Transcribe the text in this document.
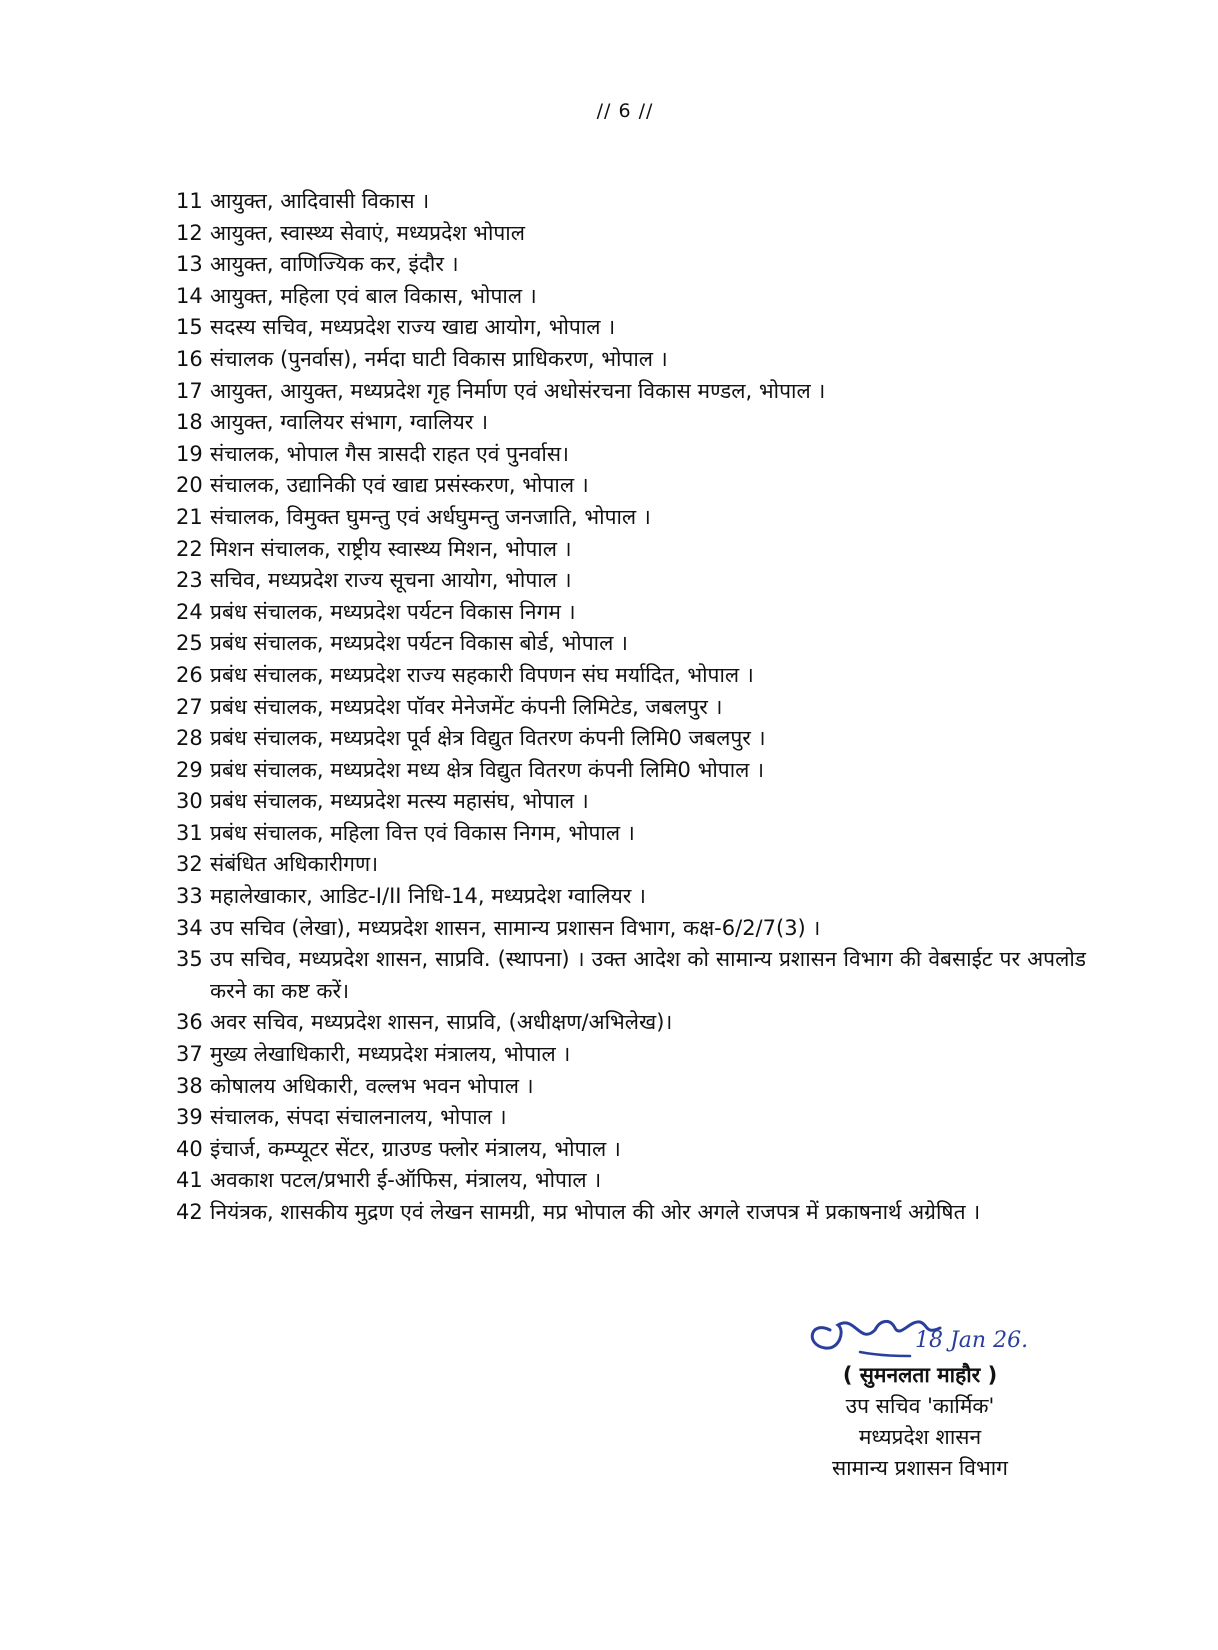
// 6 //
11 आयुक्त, आदिवासी विकास ।
12 आयुक्त, स्वास्थ्य सेवाएं, मध्यप्रदेश भोपाल
13 आयुक्त, वाणिज्यिक कर, इंदौर ।
14 आयुक्त, महिला एवं बाल विकास, भोपाल ।
15 सदस्य सचिव, मध्यप्रदेश राज्य खाद्य आयोग, भोपाल ।
16 संचालक (पुनर्वास), नर्मदा घाटी विकास प्राधिकरण, भोपाल ।
17 आयुक्त, आयुक्त, मध्यप्रदेश गृह निर्माण एवं अधोसंरचना विकास मण्डल, भोपाल ।
18 आयुक्त, ग्वालियर संभाग, ग्वालियर ।
19 संचालक, भोपाल गैस त्रासदी राहत एवं पुनर्वास।
20 संचालक, उद्यानिकी एवं खाद्य प्रसंस्करण, भोपाल ।
21 संचालक, विमुक्त घुमन्तु एवं अर्धघुमन्तु जनजाति, भोपाल ।
22 मिशन संचालक, राष्ट्रीय स्वास्थ्य मिशन, भोपाल ।
23 सचिव, मध्यप्रदेश राज्य सूचना आयोग, भोपाल ।
24 प्रबंध संचालक, मध्यप्रदेश पर्यटन विकास निगम ।
25 प्रबंध संचालक, मध्यप्रदेश पर्यटन विकास बोर्ड, भोपाल ।
26 प्रबंध संचालक, मध्यप्रदेश राज्य सहकारी विपणन संघ मर्यादित, भोपाल ।
27 प्रबंध संचालक, मध्यप्रदेश पॉवर मेनेजमेंट कंपनी लिमिटेड, जबलपुर ।
28 प्रबंध संचालक, मध्यप्रदेश पूर्व क्षेत्र विद्युत वितरण कंपनी लिमि0 जबलपुर ।
29 प्रबंध संचालक, मध्यप्रदेश मध्य क्षेत्र विद्युत वितरण कंपनी लिमि0 भोपाल ।
30 प्रबंध संचालक, मध्यप्रदेश मत्स्य महासंघ, भोपाल ।
31 प्रबंध संचालक, महिला वित्त एवं विकास निगम, भोपाल ।
32 संबंधित अधिकारीगण।
33 महालेखाकार, आडिट-I/II निधि-14, मध्यप्रदेश ग्वालियर ।
34 उप सचिव (लेखा), मध्यप्रदेश शासन, सामान्य प्रशासन विभाग, कक्ष-6/2/7(3) ।
35 उप सचिव, मध्यप्रदेश शासन, साप्रवि. (स्थापना) । उक्त आदेश को सामान्य प्रशासन विभाग की वेबसाईट पर अपलोड करने का कष्ट करें।
36 अवर सचिव, मध्यप्रदेश शासन, साप्रवि, (अधीक्षण/अभिलेख)।
37 मुख्य लेखाधिकारी, मध्यप्रदेश मंत्रालय, भोपाल ।
38 कोषालय अधिकारी, वल्लभ भवन भोपाल ।
39 संचालक, संपदा संचालनालय, भोपाल ।
40 इंचार्ज, कम्प्यूटर सेंटर, ग्राउण्ड फ्लोर मंत्रालय, भोपाल ।
41 अवकाश पटल/प्रभारी ई-ऑफिस, मंत्रालय, भोपाल ।
42 नियंत्रक, शासकीय मुद्रण एवं लेखन सामग्री, मप्र भोपाल की ओर अगले राजपत्र में प्रकाषनार्थ अग्रेषित ।
18 Jan 26.
( सुमनलता माहौर )
उप सचिव 'कार्मिक'
मध्यप्रदेश शासन
सामान्य प्रशासन विभाग
